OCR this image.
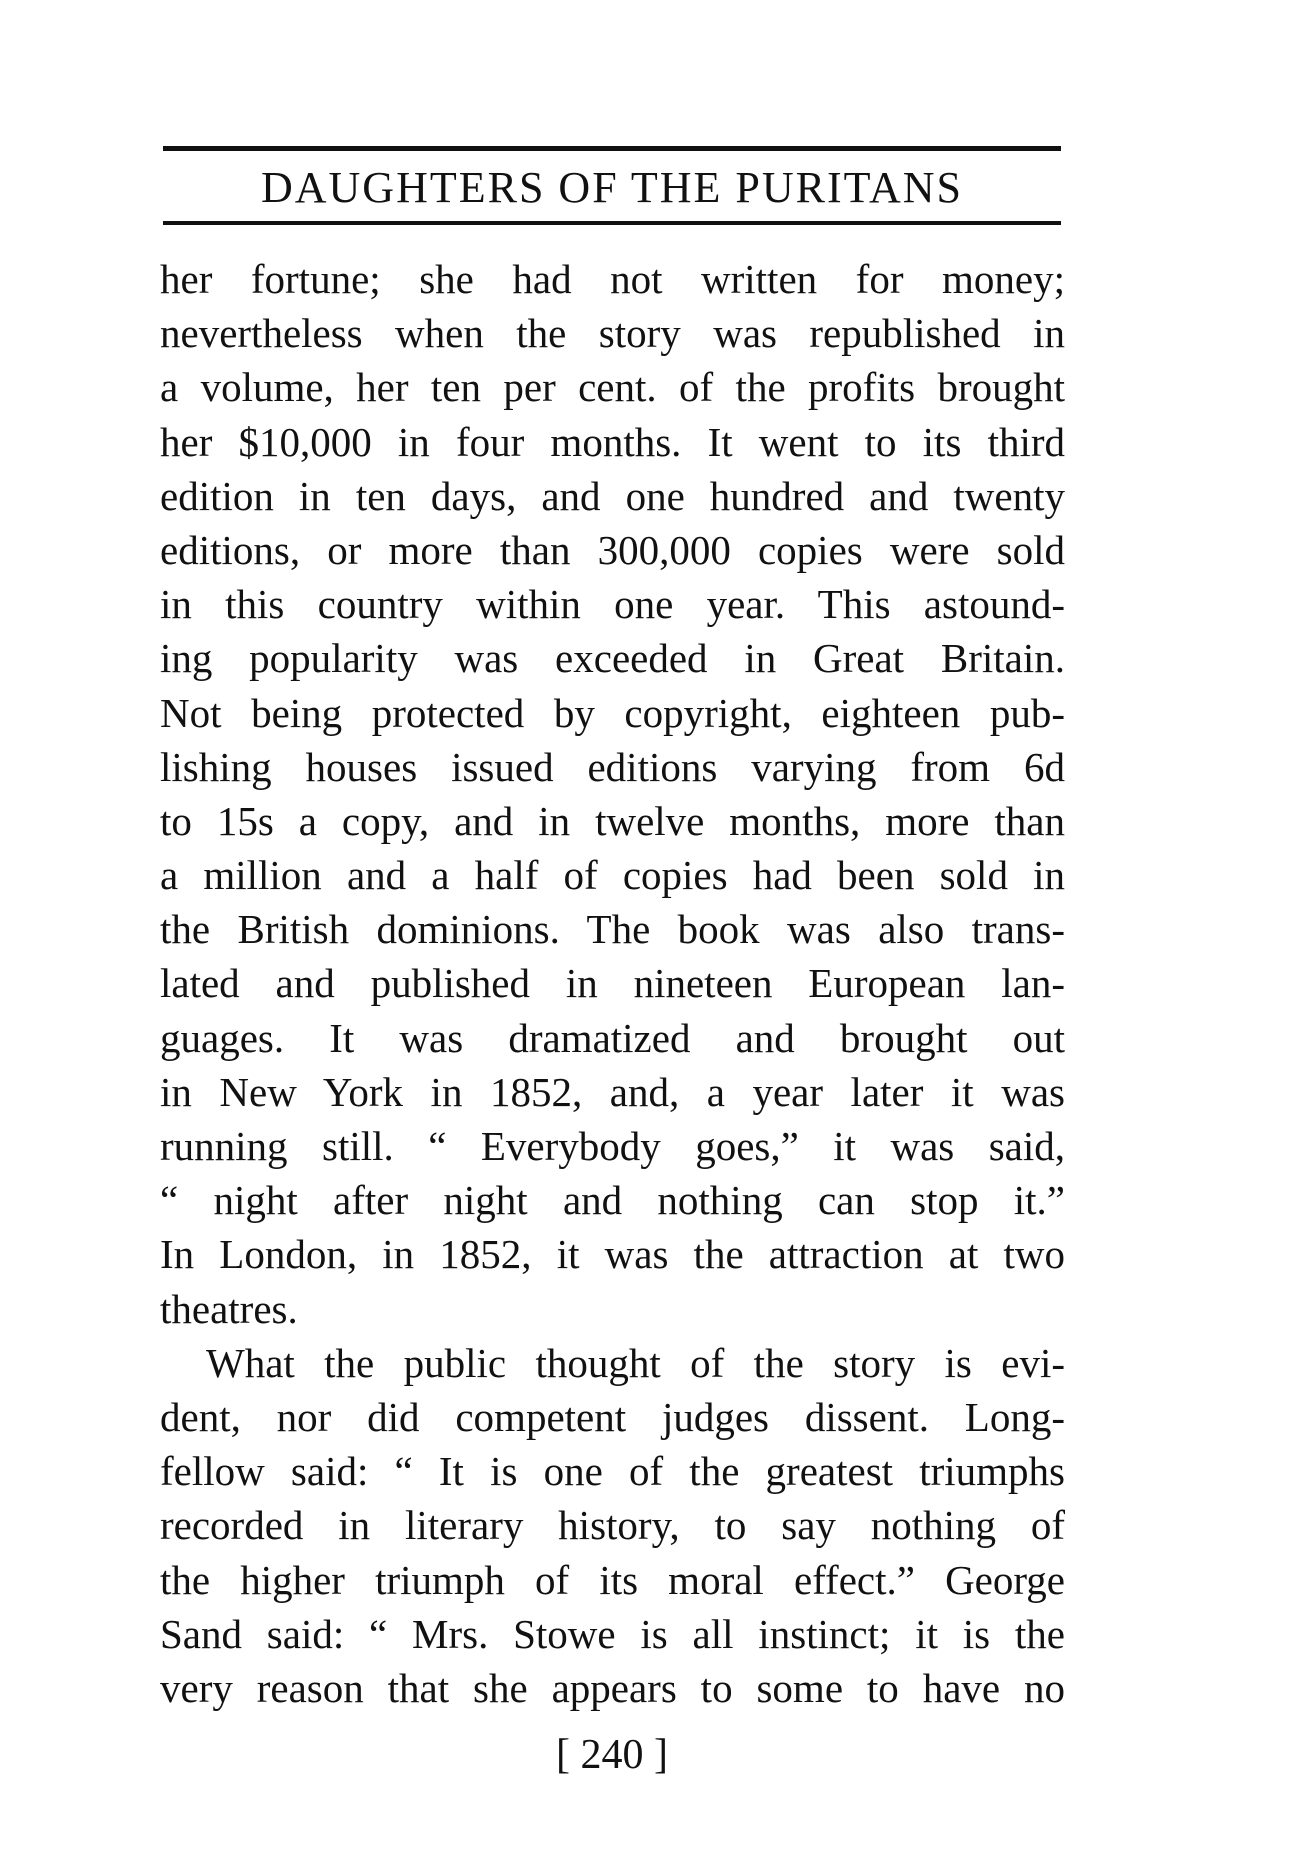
DAUGHTERS OF THE PURITANS
her fortune; she had not written for money;
nevertheless when the story was republished in
a volume, her ten per cent. of the profits brought
her $10,000 in four months. It went to its third
edition in ten days, and one hundred and twenty
editions, or more than 300,000 copies were sold
in this country within one year. This astound-
ing popularity was exceeded in Great Britain.
Not being protected by copyright, eighteen pub-
lishing houses issued editions varying from 6d
to 15s a copy, and in twelve months, more than
a million and a half of copies had been sold in
the British dominions. The book was also trans-
lated and published in nineteen European lan-
guages. It was dramatized and brought out
in New York in 1852, and, a year later it was
running still. “ Everybody goes,” it was said,
“ night after night and nothing can stop it.”
In London, in 1852, it was the attraction at two
theatres.
What the public thought of the story is evi-
dent, nor did competent judges dissent. Long-
fellow said: “ It is one of the greatest triumphs
recorded in literary history, to say nothing of
the higher triumph of its moral effect.” George
Sand said: “ Mrs. Stowe is all instinct; it is the
very reason that she appears to some to have no
[ 240 ]
